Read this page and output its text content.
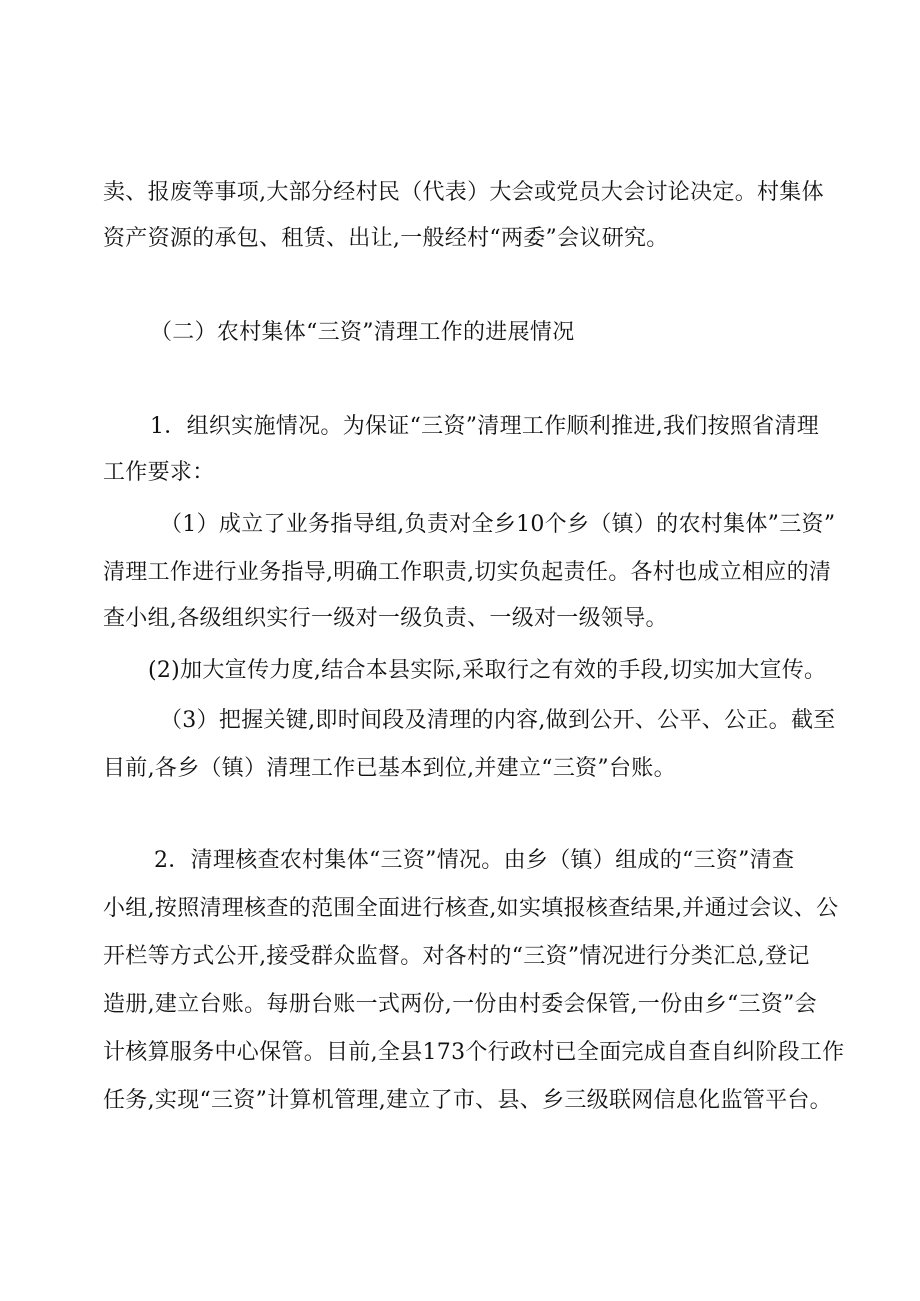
卖、报废等事项,大部分经村民（代表）大会或党员大会讨论决定。村集体
资产资源的承包、租赁、出让,一般经村“两委”会议研究。
（二）农村集体“三资”清理工作的进展情况
1．组织实施情况。为保证“三资”清理工作顺利推进,我们按照省清理
工作要求：
（1）成立了业务指导组,负责对全乡10个乡（镇）的农村集体”三资”
清理工作进行业务指导,明确工作职责,切实负起责任。各村也成立相应的清
查小组,各级组织实行一级对一级负责、一级对一级领导。
(2)加大宣传力度,结合本县实际,采取行之有效的手段,切实加大宣传。
（3）把握关键,即时间段及清理的内容,做到公开、公平、公正。截至
目前,各乡（镇）清理工作已基本到位,并建立“三资”台账。
2．清理核查农村集体“三资”情况。由乡（镇）组成的“三资”清查
小组,按照清理核查的范围全面进行核查,如实填报核查结果,并通过会议、公
开栏等方式公开,接受群众监督。对各村的“三资”情况进行分类汇总,登记
造册,建立台账。每册台账一式两份,一份由村委会保管,一份由乡“三资”会
计核算服务中心保管。目前,全县173个行政村已全面完成自查自纠阶段工作
任务,实现“三资”计算机管理,建立了市、县、乡三级联网信息化监管平台。
